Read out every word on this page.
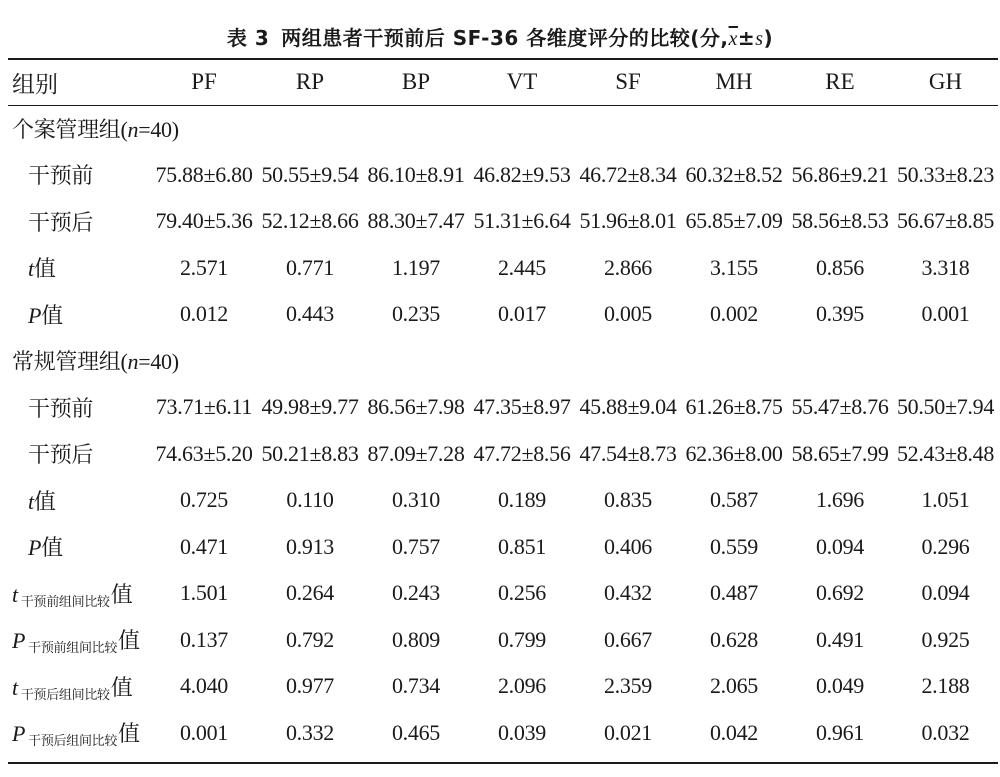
表 3 两组患者干预前后 SF-36 各维度评分的比较(分$,\overline{x}\pm s$)
组别	PF	RP	BP	VT	SF	MH	RE	GH
个案管理组(n=40)								
干预前	75.88±6.80	50.55±9.54	86.10±8.91	46.82±9.53	46.72±8.34	60.32±8.52	56.86±9.21	50.33±8.23
干预后	79.40±5.36	52.12±8.66	88.30±7.47	51.31±6.64	51.96±8.01	65.85±7.09	58.56±8.53	56.67±8.85
t值	2.571	0.771	1.197	2.445	2.866	3.155	0.856	3.318
P值	0.012	0.443	0.235	0.017	0.005	0.002	0.395	0.001
常规管理组(n=40)								
干预前	73.71±6.11	49.98±9.77	86.56±7.98	47.35±8.97	45.88±9.04	61.26±8.75	55.47±8.76	50.50±7.94
干预后	74.63±5.20	50.21±8.83	87.09±7.28	47.72±8.56	47.54±8.73	62.36±8.00	58.65±7.99	52.43±8.48
t值	0.725	0.110	0.310	0.189	0.835	0.587	1.696	1.051
P值	0.471	0.913	0.757	0.851	0.406	0.559	0.094	0.296
t 干预前组间比较值	1.501	0.264	0.243	0.256	0.432	0.487	0.692	0.094
P 干预前组间比较值	0.137	0.792	0.809	0.799	0.667	0.628	0.491	0.925
t 干预后组间比较值	4.040	0.977	0.734	2.096	2.359	2.065	0.049	2.188
P 干预后组间比较值	0.001	0.332	0.465	0.039	0.021	0.042	0.961	0.032
